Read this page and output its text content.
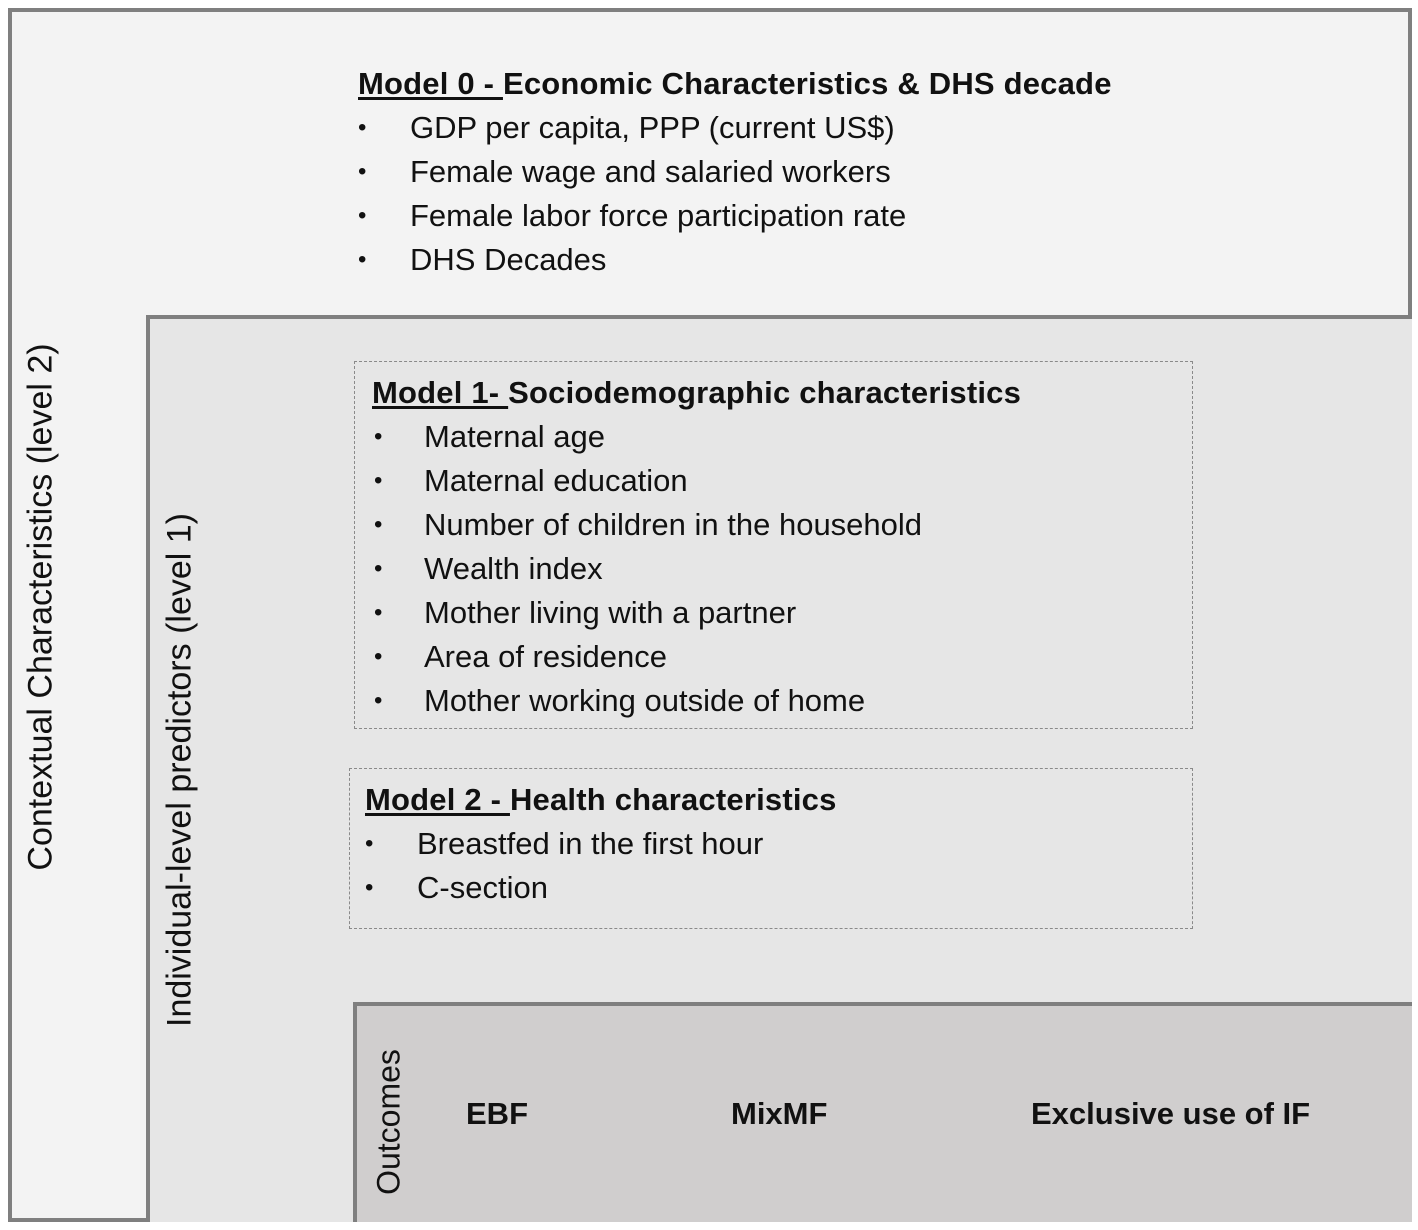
Contextual Characteristics (level 2)	Individual-level predictors (level 1)
Outcomes
Model 0 - Economic Characteristics & DHS decade
• GDP per capita, PPP (current US$)
• Female wage and salaried workers
• Female labor force participation rate
• DHS Decades
Model 1- Sociodemographic characteristics
• Maternal age
• Maternal education
• Number of children in the household
• Wealth index
• Mother living with a partner
• Area of residence
• Mother working outside of home
Model 2 - Health characteristics
• Breastfed in the first hour
• C-section
EBF	MixMF	Exclusive use of IF
